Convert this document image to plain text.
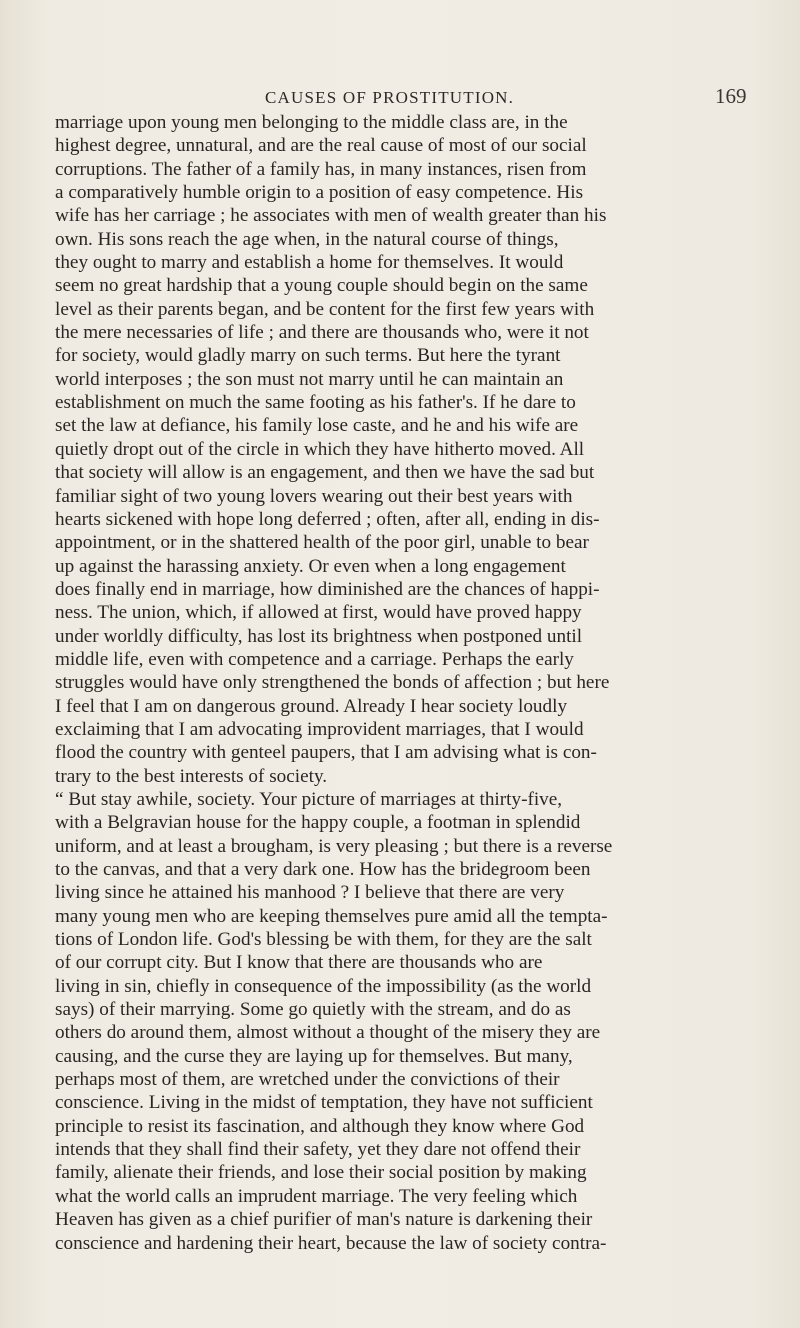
CAUSES OF PROSTITUTION.	169
marriage upon young men belonging to the middle class are, in the
highest degree, unnatural, and are the real cause of most of our social
corruptions. The father of a family has, in many instances, risen from
a comparatively humble origin to a position of easy competence. His
wife has her carriage ; he associates with men of wealth greater than his
own. His sons reach the age when, in the natural course of things,
they ought to marry and establish a home for themselves. It would
seem no great hardship that a young couple should begin on the same
level as their parents began, and be content for the first few years with
the mere necessaries of life ; and there are thousands who, were it not
for society, would gladly marry on such terms. But here the tyrant
world interposes ; the son must not marry until he can maintain an
establishment on much the same footing as his father's. If he dare to
set the law at defiance, his family lose caste, and he and his wife are
quietly dropt out of the circle in which they have hitherto moved. All
that society will allow is an engagement, and then we have the sad but
familiar sight of two young lovers wearing out their best years with
hearts sickened with hope long deferred ; often, after all, ending in dis-
appointment, or in the shattered health of the poor girl, unable to bear
up against the harassing anxiety. Or even when a long engagement
does finally end in marriage, how diminished are the chances of happi-
ness. The union, which, if allowed at first, would have proved happy
under worldly difficulty, has lost its brightness when postponed until
middle life, even with competence and a carriage. Perhaps the early
struggles would have only strengthened the bonds of affection ; but here
I feel that I am on dangerous ground. Already I hear society loudly
exclaiming that I am advocating improvident marriages, that I would
flood the country with genteel paupers, that I am advising what is con-
trary to the best interests of society.
“ But stay awhile, society. Your picture of marriages at thirty-five,
with a Belgravian house for the happy couple, a footman in splendid
uniform, and at least a brougham, is very pleasing ; but there is a reverse
to the canvas, and that a very dark one. How has the bridegroom been
living since he attained his manhood ? I believe that there are very
many young men who are keeping themselves pure amid all the tempta-
tions of London life. God's blessing be with them, for they are the salt
of our corrupt city. But I know that there are thousands who are
living in sin, chiefly in consequence of the impossibility (as the world
says) of their marrying. Some go quietly with the stream, and do as
others do around them, almost without a thought of the misery they are
causing, and the curse they are laying up for themselves. But many,
perhaps most of them, are wretched under the convictions of their
conscience. Living in the midst of temptation, they have not sufficient
principle to resist its fascination, and although they know where God
intends that they shall find their safety, yet they dare not offend their
family, alienate their friends, and lose their social position by making
what the world calls an imprudent marriage. The very feeling which
Heaven has given as a chief purifier of man's nature is darkening their
conscience and hardening their heart, because the law of society contra-
